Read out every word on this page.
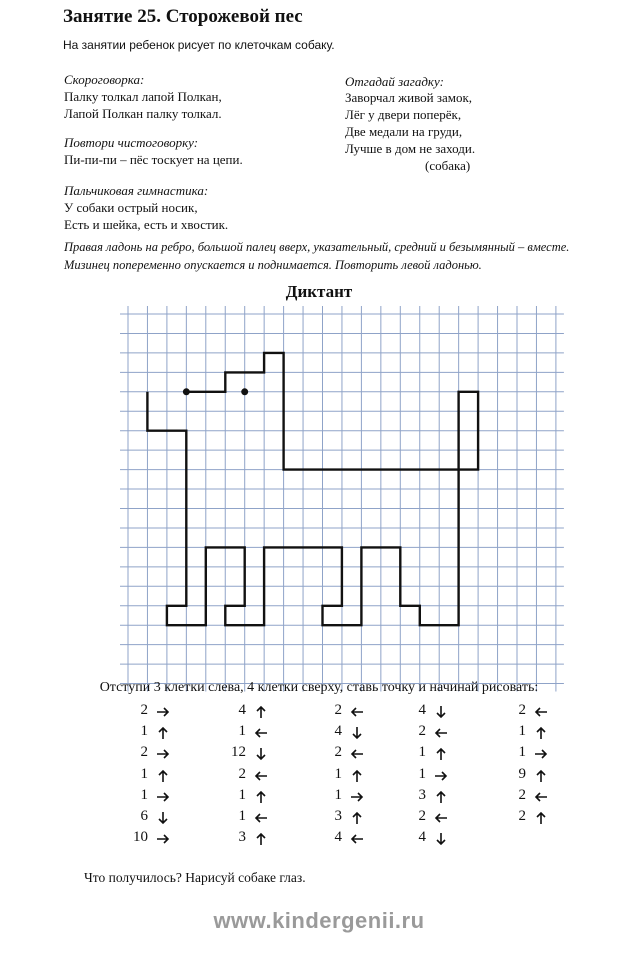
Занятие 25. Сторожевой пес
На занятии ребенок рисует по клеточкам собаку.
Скороговорка:
Палку толкал лапой Полкан,
Лапой Полкан палку толкал.
Повтори чистоговорку:
Пи-пи-пи – пёс тоскует на цепи.
Пальчиковая гимнастика:
У собаки острый носик,
Есть и шейка, есть и хвостик.
Отгадай загадку:
Заворчал живой замок,
Лёг у двери поперёк,
Две медали на груди,
Лучше в дом не заходи.
(собака)
Правая ладонь на ребро, большой палец вверх, указательный, средний и безымянный – вместе. Мизинец попеременно опускается и поднимается. Повторить левой ладонью.
Диктант
Отступи 3 клетки слева, 4 клетки сверху, ставь точку и начинай рисовать:
2
1
2
1
1
6
10
4
1
12
2
1
1
3
2
4
2
1
1
3
4
4
2
1
1
3
2
4
2
1
1
9
2
2
Что получилось? Нарисуй собаке глаз.
www.kindergenii.ru
